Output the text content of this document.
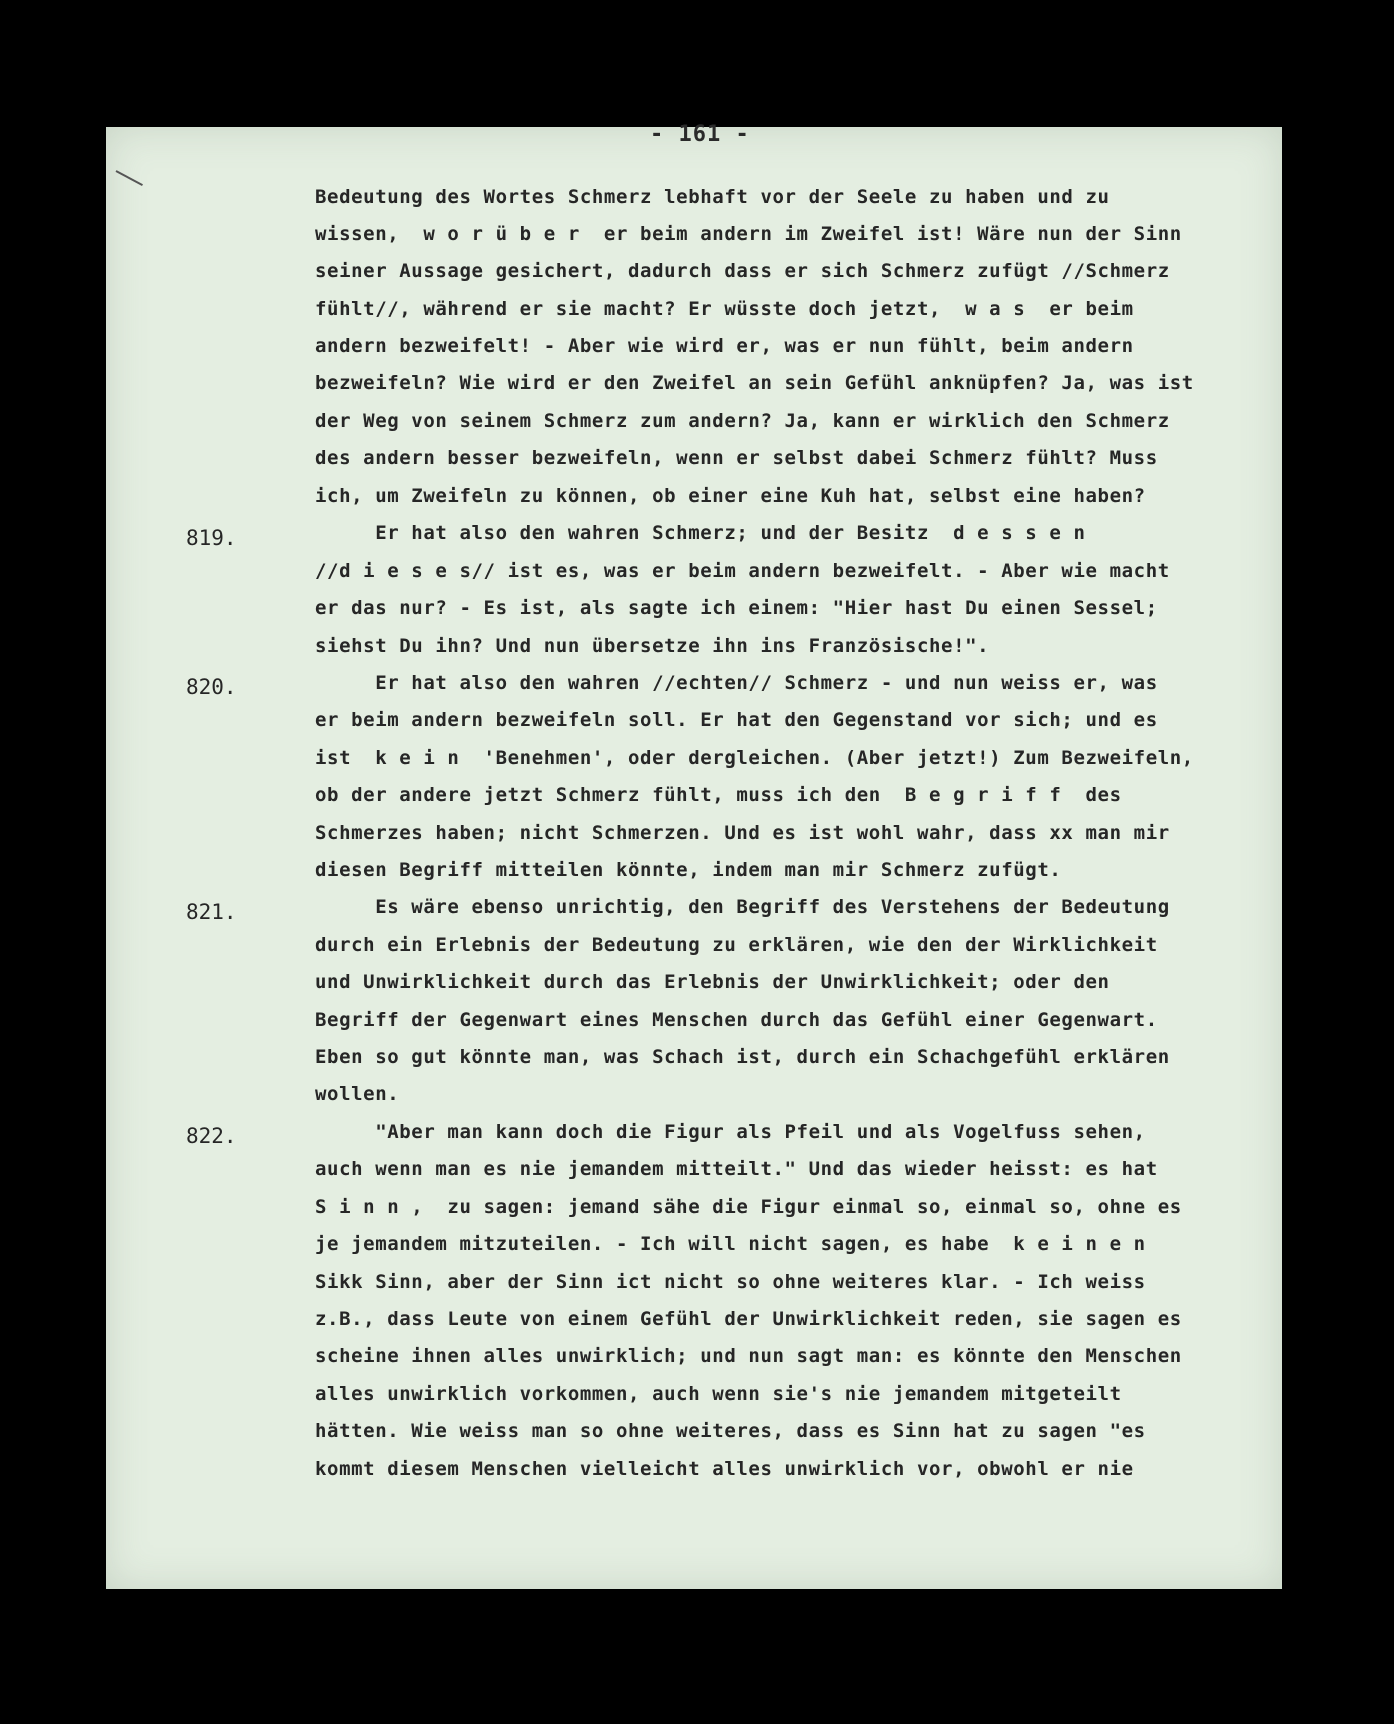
- 161 -
819.
820.
821.
822.
Bedeutung des Wortes Schmerz lebhaft vor der Seele zu haben und zu
wissen,  w o r ü b e r  er beim andern im Zweifel ist! Wäre nun der Sinn
seiner Aussage gesichert, dadurch dass er sich Schmerz zufügt //Schmerz
fühlt//, während er sie macht? Er wüsste doch jetzt,  w a s  er beim
andern bezweifelt! - Aber wie wird er, was er nun fühlt, beim andern
bezweifeln? Wie wird er den Zweifel an sein Gefühl anknüpfen? Ja, was ist
der Weg von seinem Schmerz zum andern? Ja, kann er wirklich den Schmerz
des andern besser bezweifeln, wenn er selbst dabei Schmerz fühlt? Muss
ich, um Zweifeln zu können, ob einer eine Kuh hat, selbst eine haben?
Er hat also den wahren Schmerz; und der Besitz  d e s s e n
//d i e s e s// ist es, was er beim andern bezweifelt. - Aber wie macht
er das nur? - Es ist, als sagte ich einem: "Hier hast Du einen Sessel;
siehst Du ihn? Und nun übersetze ihn ins Französische!".
Er hat also den wahren //echten// Schmerz - und nun weiss er, was
er beim andern bezweifeln soll. Er hat den Gegenstand vor sich; und es
ist  k e i n  'Benehmen', oder dergleichen. (Aber jetzt!) Zum Bezweifeln,
ob der andere jetzt Schmerz fühlt, muss ich den  B e g r i f f  des
Schmerzes haben; nicht Schmerzen. Und es ist wohl wahr, dass xx man mir
diesen Begriff mitteilen könnte, indem man mir Schmerz zufügt.
Es wäre ebenso unrichtig, den Begriff des Verstehens der Bedeutung
durch ein Erlebnis der Bedeutung zu erklären, wie den der Wirklichkeit
und Unwirklichkeit durch das Erlebnis der Unwirklichkeit; oder den
Begriff der Gegenwart eines Menschen durch das Gefühl einer Gegenwart.
Eben so gut könnte man, was Schach ist, durch ein Schachgefühl erklären
wollen.
"Aber man kann doch die Figur als Pfeil und als Vogelfuss sehen,
auch wenn man es nie jemandem mitteilt." Und das wieder heisst: es hat
S i n n ,  zu sagen: jemand sähe die Figur einmal so, einmal so, ohne es
je jemandem mitzuteilen. - Ich will nicht sagen, es habe  k e i n e n
Sikk Sinn, aber der Sinn ict nicht so ohne weiteres klar. - Ich weiss
z.B., dass Leute von einem Gefühl der Unwirklichkeit reden, sie sagen es
scheine ihnen alles unwirklich; und nun sagt man: es könnte den Menschen
alles unwirklich vorkommen, auch wenn sie's nie jemandem mitgeteilt
hätten. Wie weiss man so ohne weiteres, dass es Sinn hat zu sagen "es
kommt diesem Menschen vielleicht alles unwirklich vor, obwohl er nie
